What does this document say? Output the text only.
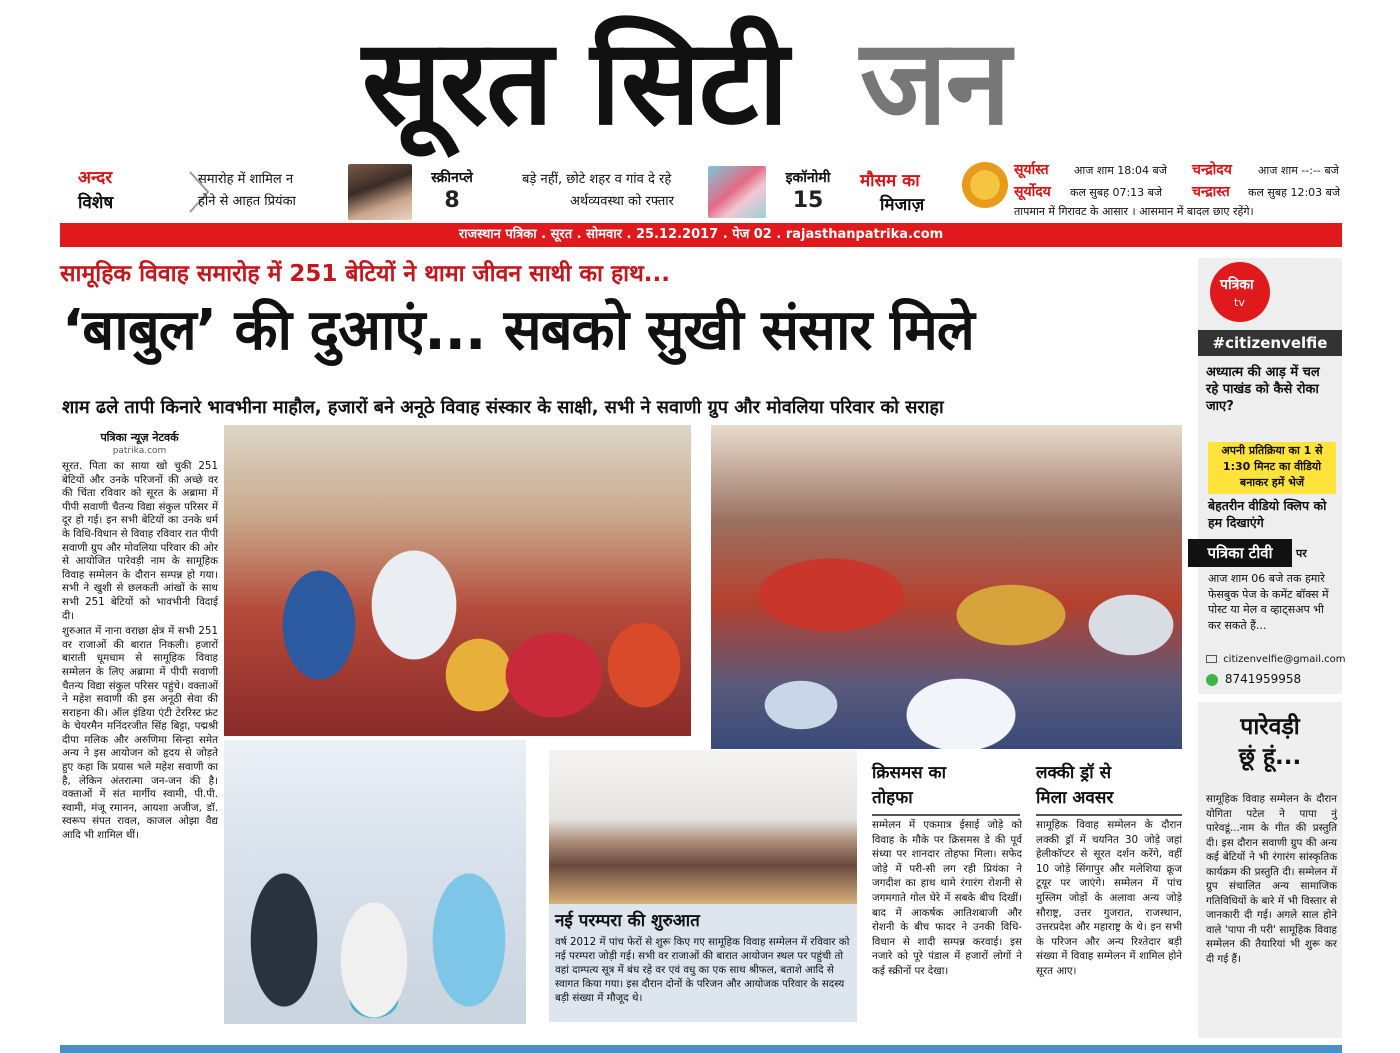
सूरत सिटी जन
अन्दर
विशेष
समारोह में शामिल न
होने से आहत प्रियंका
स्क्रीनप्ले
8
बड़े नहीं, छोटे शहर व गांव दे रहे
अर्थव्यवस्था को रफ्तार
इकॉनोमी
15
मौसम का
मिजाज़
सूर्यास्त आज शाम 18:04 बजे
सूर्योदय कल सुबह 07:13 बजे
चन्द्रोदय आज शाम --:-- बजे
चन्द्रास्त कल सुबह 12:03 बजे
तापमान में गिरावट के आसार । आसमान में बादल छाए रहेंगे।
राजस्थान पत्रिका . सूरत . सोमवार . 25.12.2017 . पेज 02 . rajasthanpatrika.com
सामूहिक विवाह समारोह में 251 बेटियों ने थामा जीवन साथी का हाथ...
‘बाबुल’ की दुआएं... सबको सुखी संसार मिले
शाम ढले तापी किनारे भावभीना माहौल, हजारों बने अनूठे विवाह संस्कार के साक्षी, सभी ने सवाणी ग्रुप और मोवलिया परिवार को सराहा
पत्रिका न्यूज़ नेटवर्क
patrika.com

सूरत. पिता का साया खो चुकी 251 बेटियों और उनके परिजनों की अच्छे वर की चिंता रविवार को सूरत के अब्रामा में पीपी सवाणी चैतन्य विद्या संकुल परिसर में दूर हो गई। इन सभी बेटियों का उनके धर्म के विधि-विधान से विवाह रविवार रात पीपी सवाणी ग्रुप और मोवलिया परिवार की ओर से आयोजित पारेवड़ी नाम के सामूहिक विवाह सम्मेलन के दौरान सम्पन्न हो गया। सभी ने खुशी से छलकती आंखों के साथ सभी 251 बेटियों को भावभीनी विदाई दी।

शुरुआत में नाना वराछा क्षेत्र में सभी 251 वर राजाओं की बारात निकली। हजारों बाराती धूमधाम से सामूहिक विवाह सम्मेलन के लिए अब्रामा में पीपी सवाणी चैतन्य विद्या संकुल परिसर पहुंचे। वक्ताओं ने महेश सवाणी की इस अनूठी सेवा की सराहना की। ऑल इंडिया एंटी टेररिस्ट फ्रंट के चेयरमैन मनिंदरजीत सिंह बिट्टा, पद्मश्री दीपा मलिक और अरुणिमा सिन्हा समेत अन्य ने इस आयोजन को हृदय से जोड़ते हुए कहा कि प्रयास भले महेश सवाणी का है, लेकिन अंतरात्मा जन-जन की है। वक्ताओं में संत मार्गीय स्वामी, पी.पी. स्वामी, मंजू रमानन, आयशा अजीज, डॉ. स्वरूप संपत रावल, काजल ओझा वैद्य आदि भी शामिल थीं।

नई परम्परा की शुरुआत
वर्ष 2012 में पांच फेरों से शुरू किए गए सामूहिक विवाह सम्मेलन में रविवार को नई परम्परा जोड़ी गई। सभी वर राजाओं की बारात आयोजन स्थल पर पहुंची तो वहां दाम्पत्य सूत्र में बंध रहे वर एवं वधु का एक साथ श्रीफल, बताशे आदि से स्वागत किया गया। इस दौरान दोनों के परिजन और आयोजक परिवार के सदस्य बड़ी संख्या में मौजूद थे।
क्रिसमस का
तोहफा
सम्मेलन में एकमात्र ईसाई जोड़े को विवाह के मौके पर क्रिसमस डे की पूर्व संध्या पर शानदार तोहफा मिला। सफेद जोड़े में परी-सी लग रही प्रियंका ने जगदीश का हाथ थामे रंगारंग रोशनी से जगमगाते गोल घेरे में सबके बीच दिखीं। बाद में आकर्षक आतिशबाजी और रोशनी के बीच फादर ने उनकी विधि-विधान से शादी सम्पन्न करवाई। इस नजारे को पूरे पंडाल में हजारों लोगों ने कई स्क्रीनों पर देखा।
लक्की ड्रॉ से
मिला अवसर
सामूहिक विवाह सम्मेलन के दौरान लक्की ड्रॉ में चयनित 30 जोड़े जहां हेलीकॉप्टर से सूरत दर्शन करेंगे, वहीं 10 जोड़े सिंगापुर और मलेशिया क्रूज टूयूर पर जाएंगे। सम्मेलन में पांच मुस्लिम जोड़ों के अलावा अन्य जोड़े सौराष्ट्र, उत्तर गुजरात, राजस्थान, उत्तरप्रदेश और महाराष्ट्र के थे। इन सभी के परिजन और अन्य रिश्तेदार बड़ी संख्या में विवाह सम्मेलन में शामिल होने सूरत आए।
पत्रिका
tv
#citizenvelfie
अध्यात्म की आड़ में चल रहे पाखंड को कैसे रोका जाए?
अपनी प्रतिक्रिया का 1 से 1:30 मिनट का वीडियो बनाकर हमें भेजें
बेहतरीन वीडियो क्लिप को हम दिखाएंगे
पत्रिका टीवी	पर
आज शाम 06 बजे तक हमारे फेसबुक पेज के कमेंट बॉक्स में पोस्ट या मेल व व्हाट्सअप भी कर सकते हैं...
citizenvelfie@gmail.com
8741959958
पारेवड़ी
छूं हूं...
सामूहिक विवाह सम्मेलन के दौरान योगिता पटेल ने पापा नुं पारेवडूं...नाम के गीत की प्रस्तुति दी। इस दौरान सवाणी ग्रुप की अन्य कई बेटियों ने भी रंगारंग सांस्कृतिक कार्यक्रम की प्रस्तुति दी। सम्मेलन में ग्रुप संचालित अन्य सामाजिक गतिविधियों के बारे में भी विस्तार से जानकारी दी गई। अगले साल होने वाले 'पापा नी परी' सामूहिक विवाह सम्मेलन की तैयारियां भी शुरू कर दी गई हैं।
